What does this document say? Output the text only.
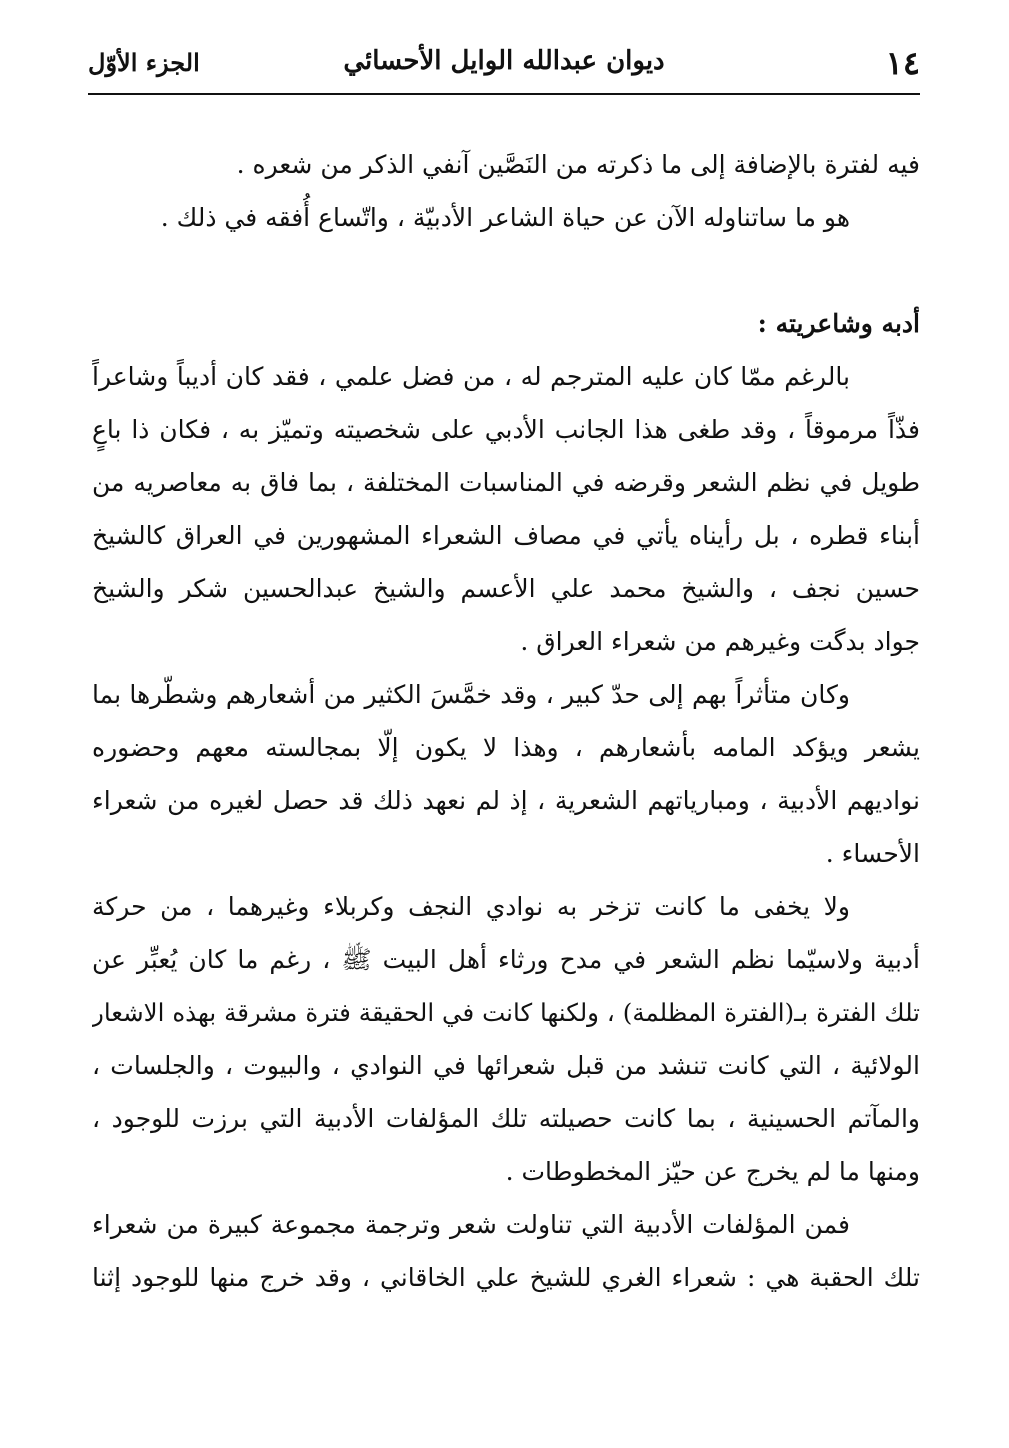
١٤
ديوان عبدالله الوايل الأحسائي
الجزء الأوّل
فيه لفترة بالإضافة إلى ما ذكرته من النَصَّين آنفي الذكر من شعره .
هو ما ساتناوله الآن عن حياة الشاعر الأدبيّة ، واتّساع أُفقه في ذلك .
أدبه وشاعريته :
بالرغم ممّا كان عليه المترجم له ، من فضل علمي ، فقد كان أديباً وشاعراً
فذّاً مرموقاً ، وقد طغى هذا الجانب الأدبي على شخصيته وتميّز به ، فكان ذا باعٍ
طويل في نظم الشعر وقرضه في المناسبات المختلفة ، بما فاق به معاصريه من
أبناء قطره ، بل رأيناه يأتي في مصاف الشعراء المشهورين في العراق كالشيخ
حسين نجف ، والشيخ محمد علي الأعسم والشيخ عبدالحسين شكر والشيخ
جواد بدگت وغيرهم من شعراء العراق .
وكان متأثراً بهم إلى حدّ كبير ، وقد خمَّسَ الكثير من أشعارهم وشطّرها بما
يشعر ويؤكد المامه بأشعارهم ، وهذا لا يكون إلّا بمجالسته معهم وحضوره
نواديهم الأدبية ، ومبارياتهم الشعرية ، إذ لم نعهد ذلك قد حصل لغيره من شعراء
الأحساء .
ولا يخفى ما كانت تزخر به نوادي النجف وكربلاء وغيرهما ، من حركة
أدبية ولاسيّما نظم الشعر في مدح ورثاء أهل البيت ﷺ ، رغم ما كان يُعبِّر عن
تلك الفترة بـ(الفترة المظلمة) ، ولكنها كانت في الحقيقة فترة مشرقة بهذه الاشعار
الولائية ، التي كانت تنشد من قبل شعرائها في النوادي ، والبيوت ، والجلسات ،
والمآتم الحسينية ، بما كانت حصيلته تلك المؤلفات الأدبية التي برزت للوجود ،
ومنها ما لم يخرج عن حيّز المخطوطات .
فمن المؤلفات الأدبية التي تناولت شعر وترجمة مجموعة كبيرة من شعراء
تلك الحقبة هي : شعراء الغري للشيخ علي الخاقاني ، وقد خرج منها للوجود إثنا
